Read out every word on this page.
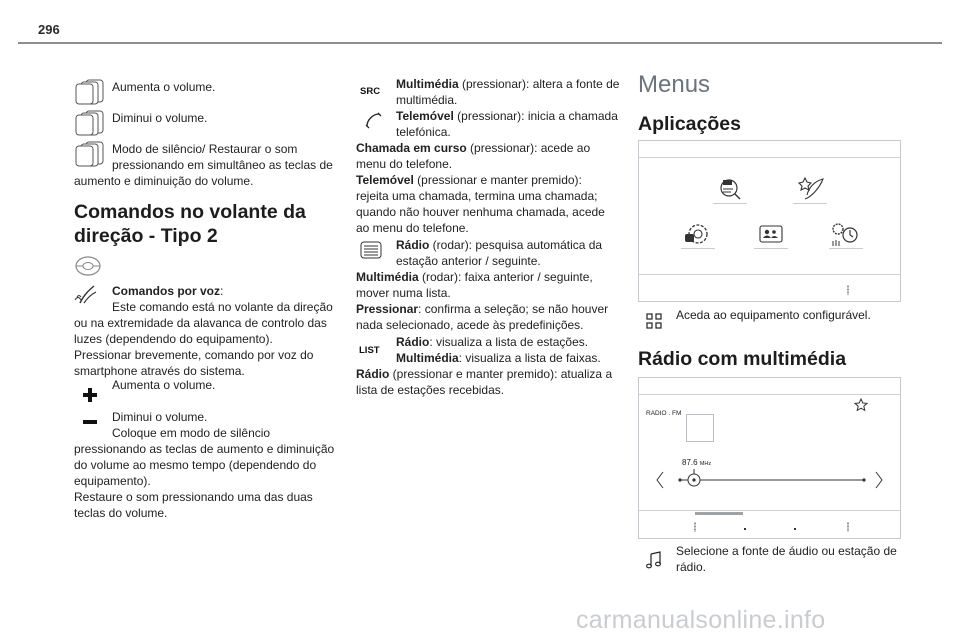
296
Aumenta o volume.
Diminui o volume.
Modo de silêncio/ Restaurar o som
pressionando em simultâneo as teclas de
aumento e diminuição do volume.
Comandos no volante da
direção - Tipo 2
Comandos por voz:
Este comando está no volante da direção
ou na extremidade da alavanca de controlo das
luzes (dependendo do equipamento).
Pressionar brevemente, comando por voz do
smartphone através do sistema.
Aumenta o volume.
Diminui o volume.
Coloque em modo de silêncio
pressionando as teclas de aumento e diminuição
do volume ao mesmo tempo (dependendo do
equipamento).
Restaure o som pressionando uma das duas
teclas do volume.
SRC
Multimédia (pressionar): altera a fonte de
multimédia.
Telemóvel (pressionar): inicia a chamada
telefónica.
Chamada em curso (pressionar): acede ao
menu do telefone.
Telemóvel (pressionar e manter premido):
rejeita uma chamada, termina uma chamada;
quando não houver nenhuma chamada, acede
ao menu do telefone.
Rádio (rodar): pesquisa automática da
estação anterior / seguinte.
Multimédia (rodar): faixa anterior / seguinte,
mover numa lista.
Pressionar: confirma a seleção; se não houver
nada selecionado, acede às predefinições.
LIST
Rádio: visualiza a lista de estações.
Multimédia: visualiza a lista de faixas.
Rádio (pressionar e manter premido): atualiza a
lista de estações recebidas.
Menus
Aplicações
Aceda ao equipamento configurável.
Rádio com multimédia
RADIO . FM
87.6 MHz
Selecione a fonte de áudio ou estação de
rádio.
carmanualsonline.info
